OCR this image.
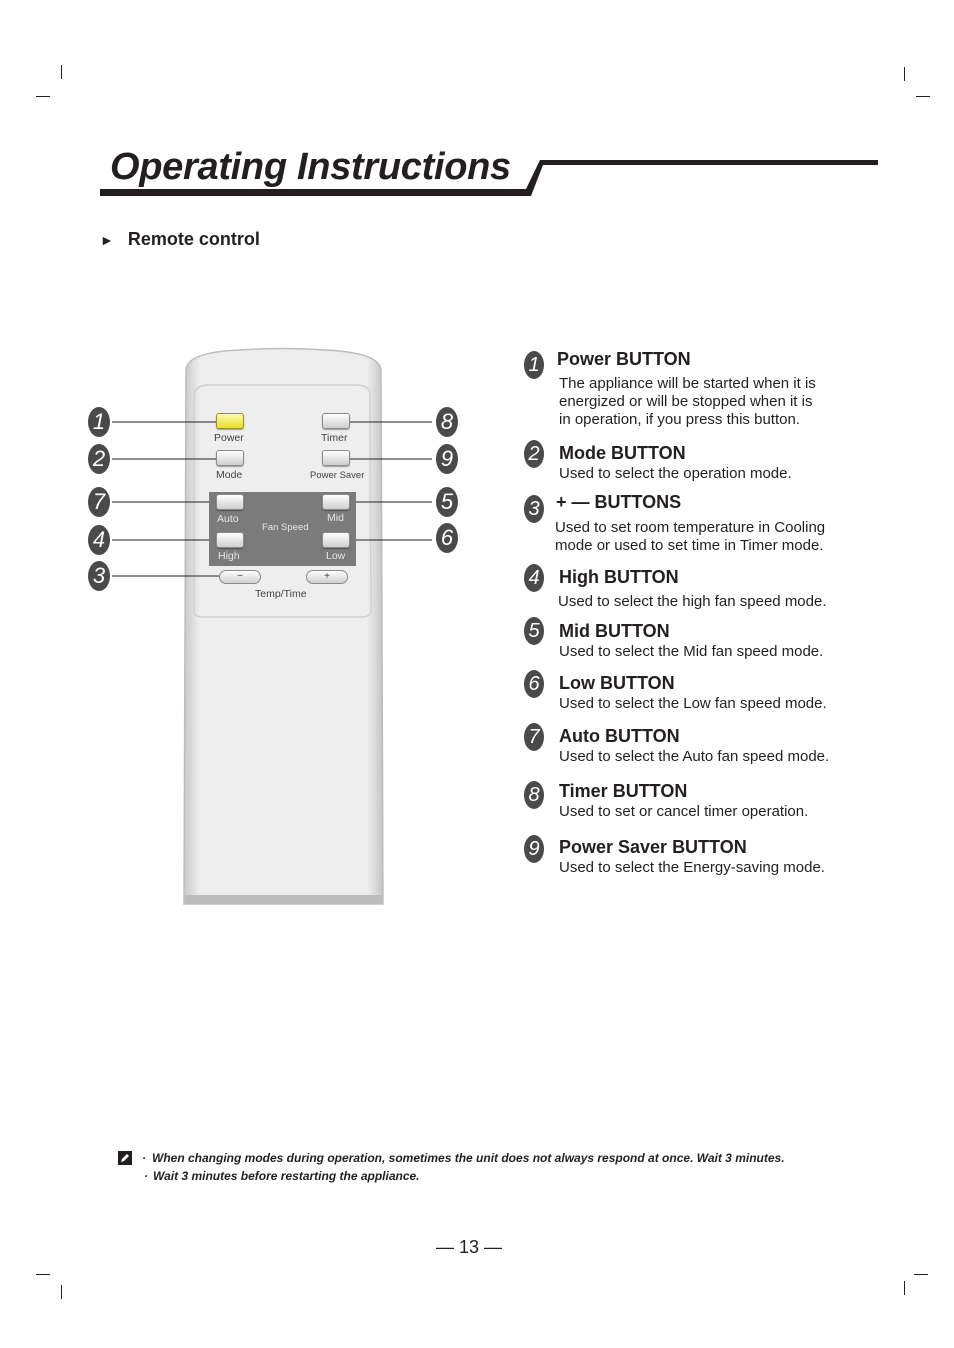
Operating Instructions
► Remote control
Power	Timer
Mode	Power Saver
Auto	Mid
Fan Speed
High	Low
−	+
Temp/Time
1
2
7
4
3
8
9
5
6
1 Power BUTTON
The appliance will be started when it is
energized or will be stopped when it is
in operation, if you press this button.
2 Mode BUTTON
Used to select the operation mode.
3 + — BUTTONS
Used to set room temperature in Cooling
mode or used to set time in Timer mode.
4 High BUTTON
Used to select the high fan speed mode.
5 Mid BUTTON
Used to select the Mid fan speed mode.
6 Low BUTTON
Used to select the Low fan speed mode.
7 Auto BUTTON
Used to select the Auto fan speed mode.
8 Timer BUTTON
Used to set or cancel timer operation.
9 Power Saver BUTTON
Used to select the Energy-saving mode.
· When changing modes during operation, sometimes the unit does not always respond at once. Wait 3 minutes.
· Wait 3 minutes before restarting the appliance.
— 13 —
